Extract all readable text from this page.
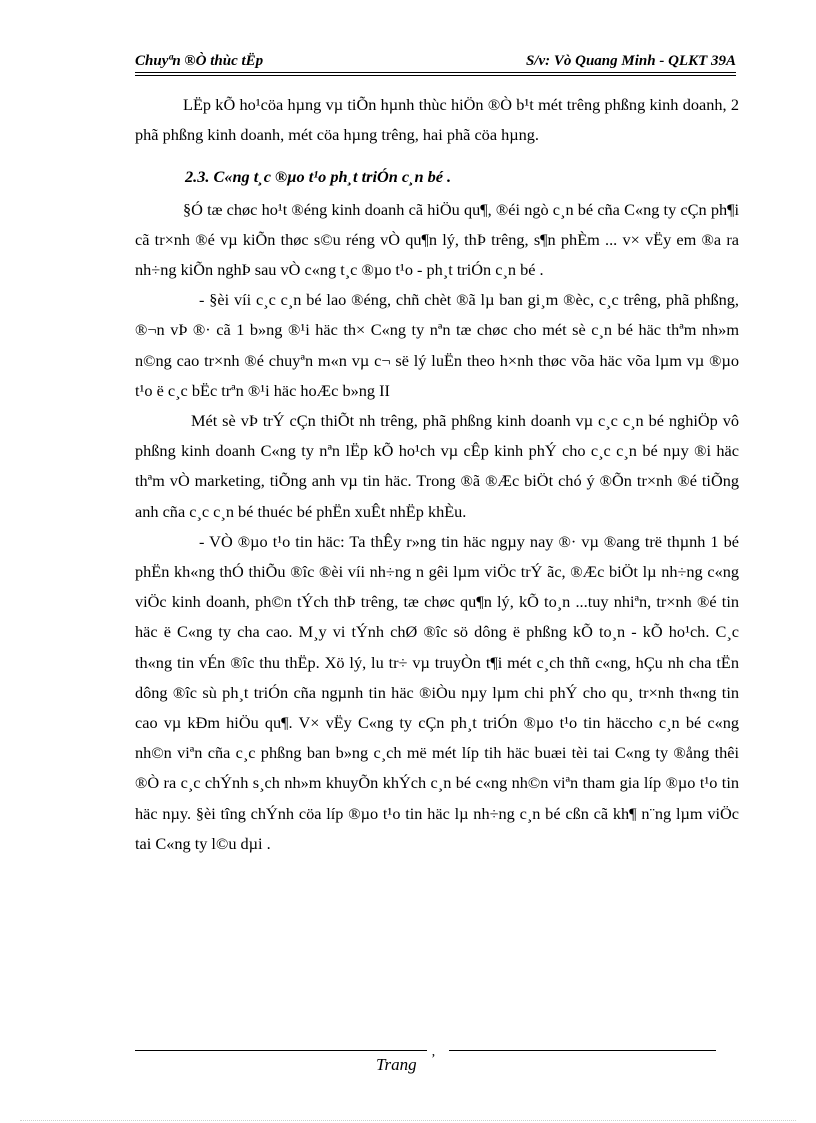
Chuyªn ®Ò thùc tËp	S/v: Vò Quang Minh - QLKT 39A

LËp kÕ ho¹cöa hµng vµ tiÕn hµnh thùc hiÖn ®Ò b¹t mét trêng phßng kinh doanh, 2 phã phßng kinh doanh, mét cöa hµng trêng, hai phã cöa hµng.

2.3. C«ng t¸c ®µo t¹o ph¸t triÓn c¸n bé .

§Ó tæ chøc ho¹t ®éng kinh doanh cã hiÖu qu¶, ®éi ngò c¸n bé cña C«ng ty cÇn ph¶i cã tr×nh ®é vµ kiÕn thøc s©u réng vÒ qu¶n lý, thÞ trêng, s¶n phÈm ... v× vËy em ®a ra nh÷ng kiÕn nghÞ sau vÒ c«ng t¸c ®µo t¹o - ph¸t triÓn c¸n bé .

- §èi víi c¸c c¸n bé lao ®éng, chñ chèt ®ã lµ ban gi¸m ®èc, c¸c trêng, phã phßng, ®¬n vÞ ®· cã 1 b»ng ®¹i häc th× C«ng ty nªn tæ chøc cho mét sè c¸n bé häc thªm nh»m n©ng cao tr×nh ®é chuyªn m«n vµ c¬ së lý luËn theo h×nh thøc võa häc võa lµm vµ ®µo t¹o ë c¸c bËc trªn ®¹i häc hoÆc b»ng II

Mét sè vÞ trÝ cÇn thiÕt nh trêng, phã phßng kinh doanh vµ c¸c c¸n bé nghiÖp vô phßng kinh doanh C«ng ty nªn lËp kÕ ho¹ch vµ cÊp kinh phÝ cho c¸c c¸n bé nµy ®i häc thªm vÒ marketing, tiÕng anh vµ tin häc. Trong ®ã ®Æc biÖt chó ý ®Õn tr×nh ®é tiÕng anh cña c¸c c¸n bé thuéc bé phËn xuÊt nhËp khÈu.

- VÒ ®µo t¹o tin häc: Ta thÊy r»ng tin häc ngµy nay ®· vµ ®ang trë thµnh 1 bé phËn kh«ng thÓ thiÕu ®îc ®èi víi nh÷ng n gêi lµm viÖc trÝ ãc, ®Æc biÖt lµ nh÷ng c«ng viÖc kinh doanh, ph©n tÝch thÞ trêng, tæ chøc qu¶n lý, kÕ to¸n ...tuy nhiªn, tr×nh ®é tin häc ë C«ng ty cha cao. M¸y vi tÝnh chØ ®îc sö dông ë phßng kÕ to¸n - kÕ ho¹ch. C¸c th«ng tin vÉn ®îc thu thËp. Xö lý, lu tr÷ vµ truyÒn t¶i mét c¸ch thñ c«ng, hÇu nh cha tËn dông ®îc sù ph¸t triÓn cña ngµnh tin häc ®iÒu nµy lµm chi phÝ cho qu¸ tr×nh th«ng tin cao vµ kÐm hiÖu qu¶. V× vËy C«ng ty cÇn ph¸t triÓn ®µo t¹o tin häccho c¸n bé c«ng nh©n viªn cña c¸c phßng ban b»ng c¸ch më mét líp tih häc buæi tèi tai C«ng ty ®ång thêi ®Ò ra c¸c chÝnh s¸ch nh»m khuyÕn khÝch c¸n bé c«ng nh©n viªn tham gia líp ®µo t¹o tin häc nµy. §èi tîng chÝnh cöa líp ®µo t¹o tin häc lµ nh÷ng c¸n bé cßn cã kh¶ n¨ng lµm viÖc tai C«ng ty l©u dµi .

’
Trang
